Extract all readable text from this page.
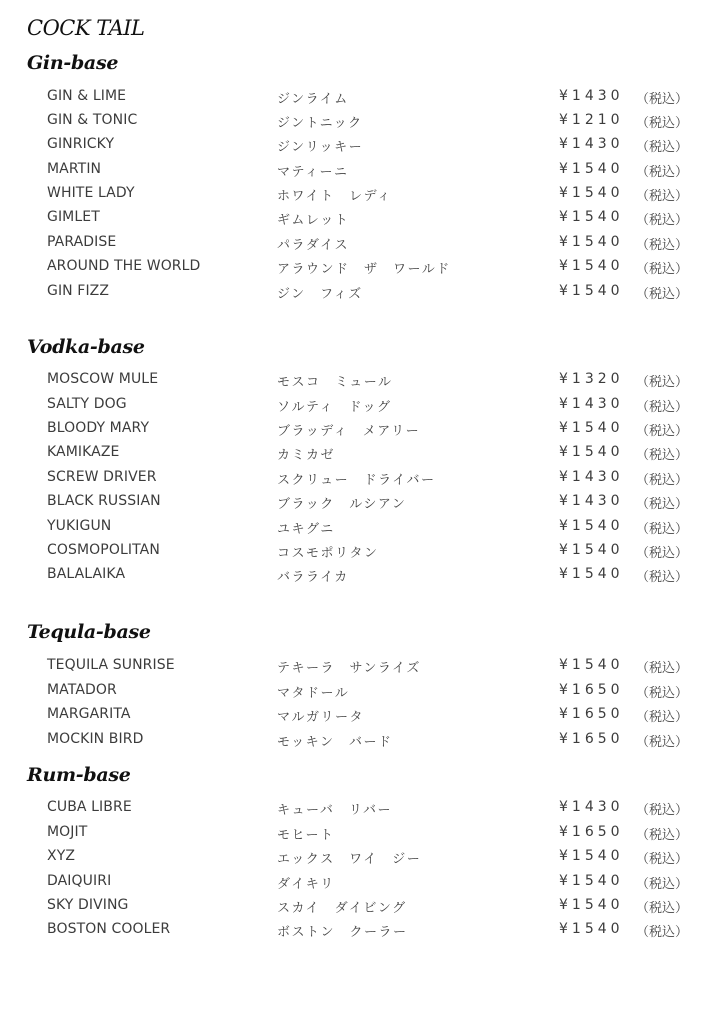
COCK TAIL
Gin-base
GIN & LIME	ジンライム	¥1430 （税込）
GIN & TONIC	ジントニック	¥1210 （税込）
GINRICKY	ジンリッキー	¥1430 （税込）
MARTIN	マティーニ	¥1540 （税込）
WHITE LADY	ホワイト　レディ	¥1540 （税込）
GIMLET	ギムレット	¥1540 （税込）
PARADISE	パラダイス	¥1540 （税込）
AROUND THE WORLD	アラウンド　ザ　ワールド	¥1540 （税込）
GIN FIZZ	ジン　フィズ	¥1540 （税込）
Vodka-base
MOSCOW MULE	モスコ　ミュール	¥1320 （税込）
SALTY DOG	ソルティ　ドッグ	¥1430 （税込）
BLOODY MARY	ブラッディ　メアリー	¥1540 （税込）
KAMIKAZE	カミカゼ	¥1540 （税込）
SCREW DRIVER	スクリュー　ドライバー	¥1430 （税込）
BLACK RUSSIAN	ブラック　ルシアン	¥1430 （税込）
YUKIGUN	ユキグニ	¥1540 （税込）
COSMOPOLITAN	コスモポリタン	¥1540 （税込）
BALALAIKA	バラライカ	¥1540 （税込）
Tequla-base
TEQUILA SUNRISE	テキーラ　サンライズ	¥1540 （税込）
MATADOR	マタドール	¥1650 （税込）
MARGARITA	マルガリータ	¥1650 （税込）
MOCKIN BIRD	モッキン　バード	¥1650 （税込）
Rum-base
CUBA LIBRE	キューバ　リバー	¥1430 （税込）
MOJIT	モヒート	¥1650 （税込）
XYZ	エックス　ワイ　ジー	¥1540 （税込）
DAIQUIRI	ダイキリ	¥1540 （税込）
SKY DIVING	スカイ　ダイビング	¥1540 （税込）
BOSTON COOLER	ボストン　クーラー	¥1540 （税込）
